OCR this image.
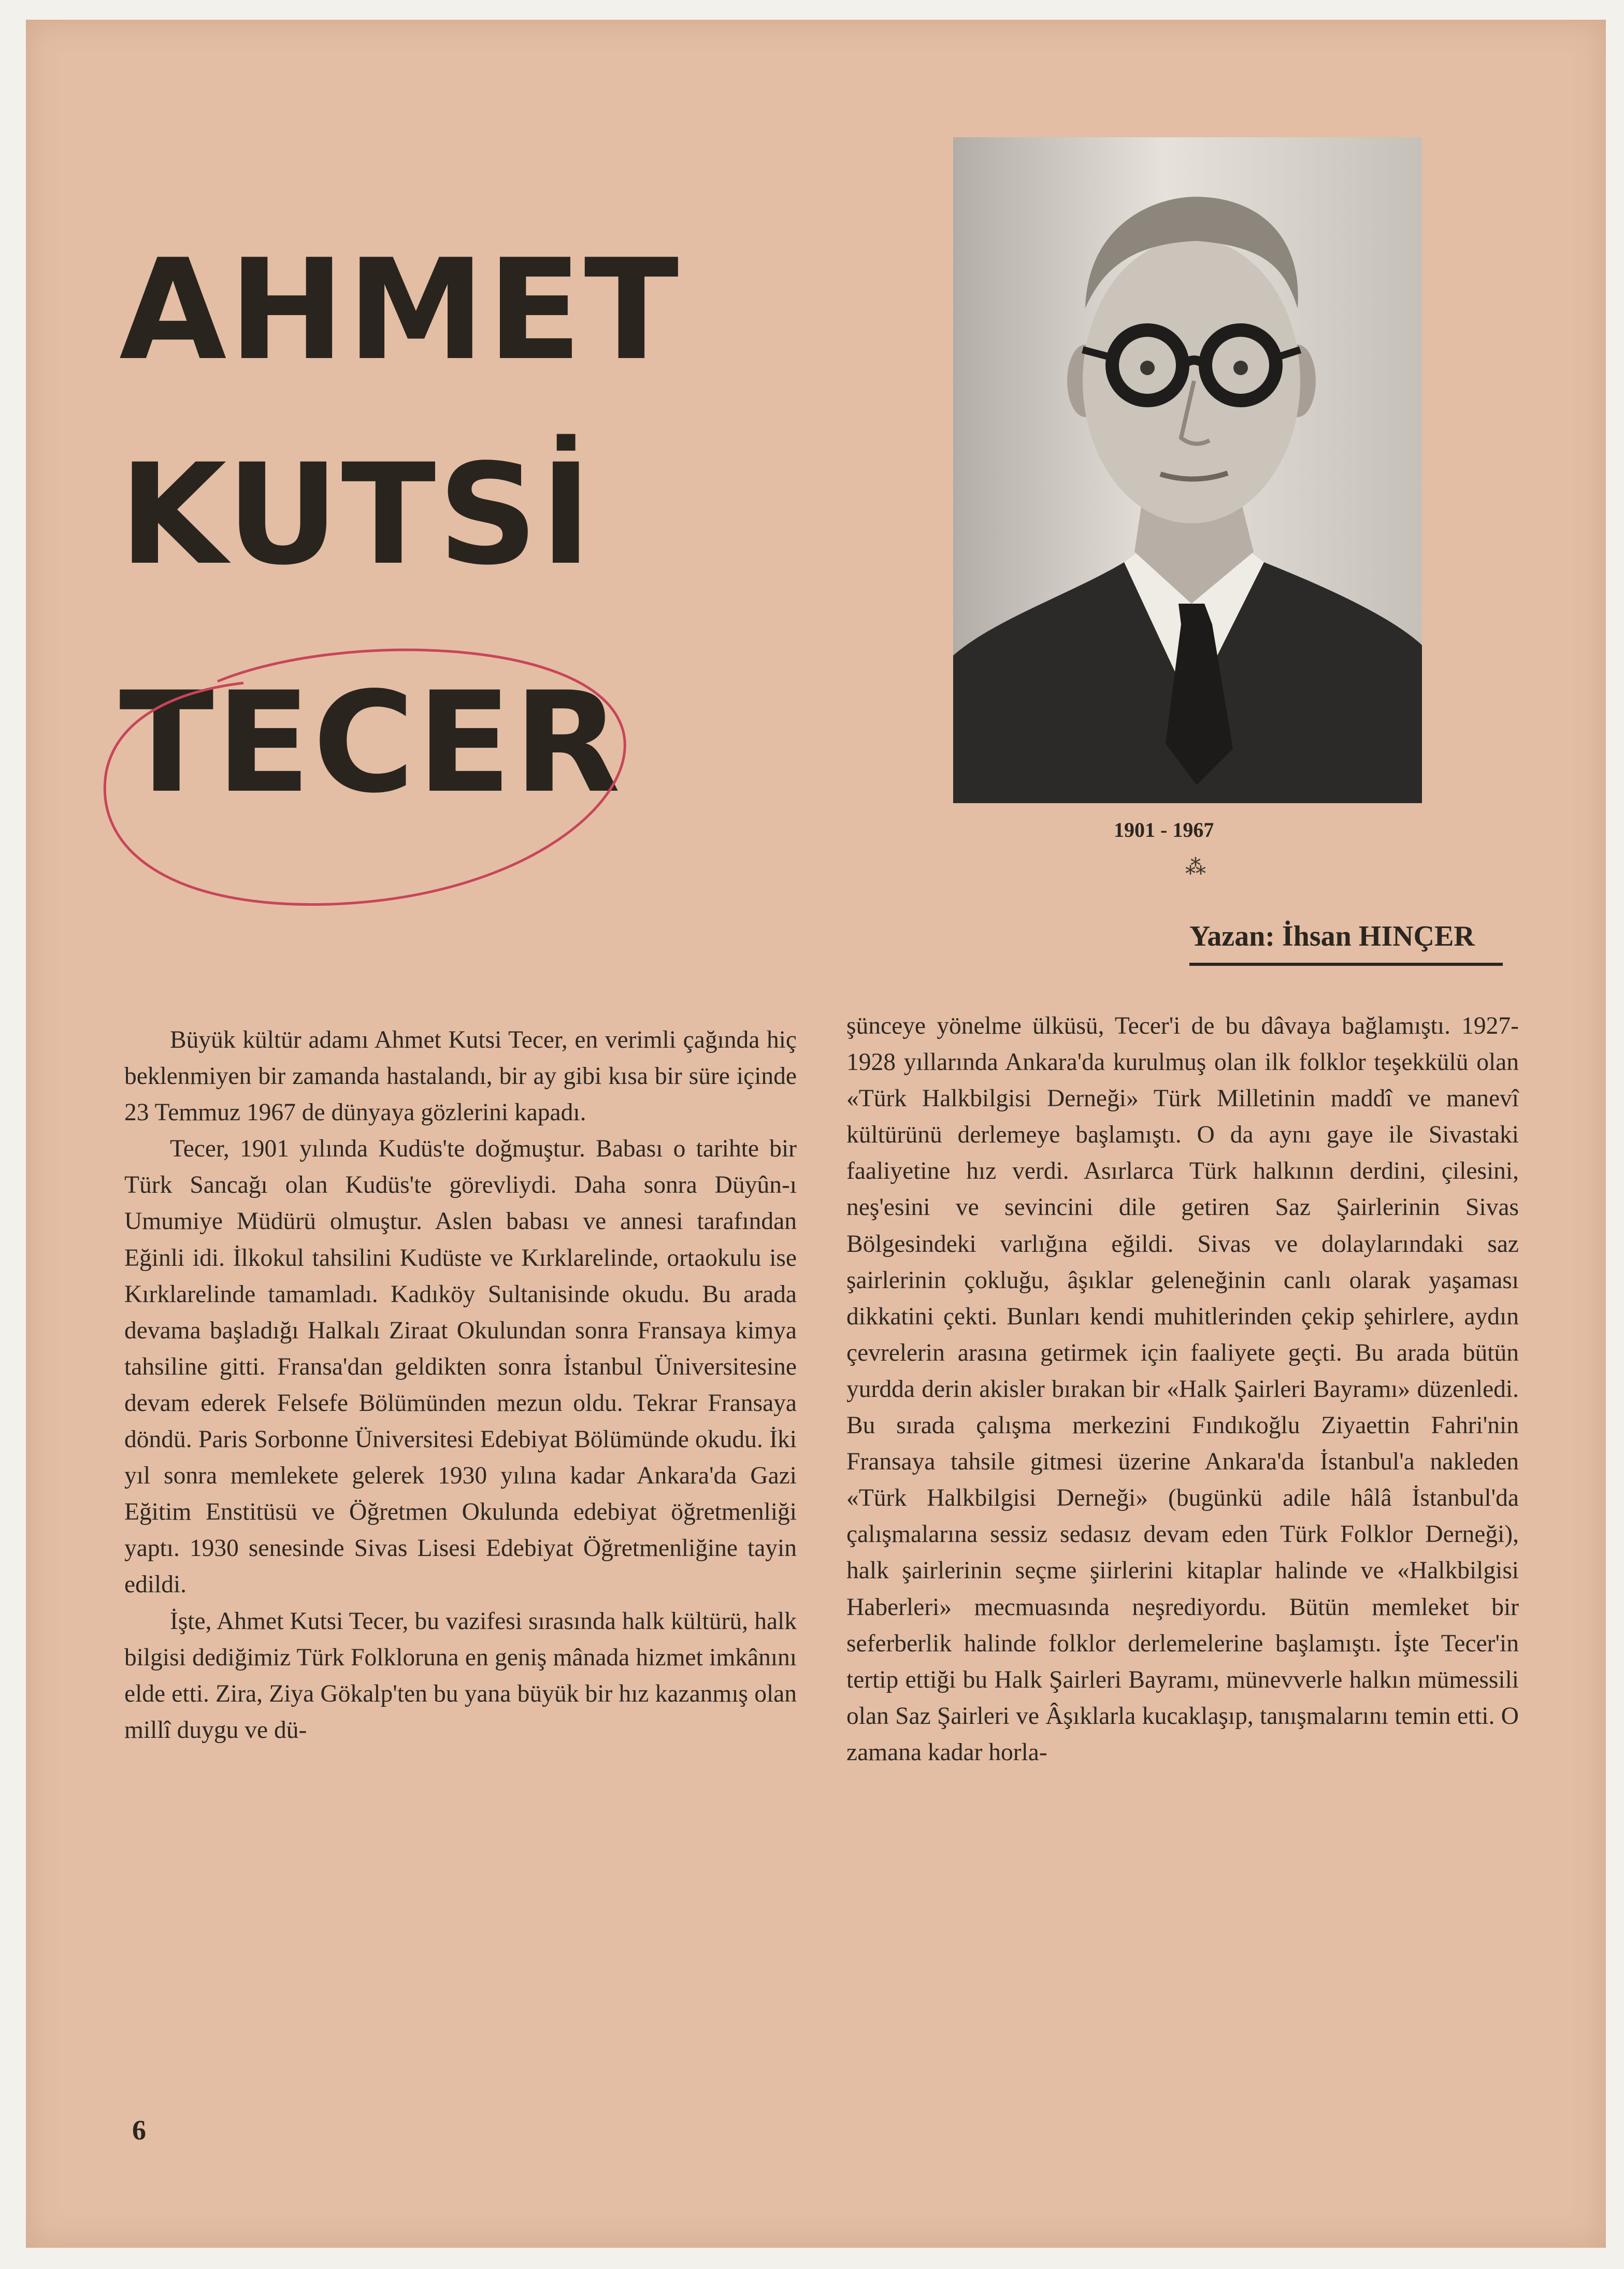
AHMET
KUTSİ
TECER
1901 - 1967
⁂
Yazan: İhsan HINÇER

Büyük kültür adamı Ahmet Kutsi Tecer, en verimli çağında hiç beklenmiyen bir zamanda hastalandı, bir ay gibi kısa bir süre içinde 23 Temmuz 1967 de dünyaya gözlerini kapadı.

Tecer, 1901 yılında Kudüs'te doğmuştur. Babası o tarihte bir Türk Sancağı olan Kudüs'te görevliydi. Daha sonra Düyûn-ı Umumiye Müdürü olmuştur. Aslen babası ve annesi tarafından Eğinli idi. İlkokul tahsilini Kudüste ve Kırklarelinde, ortaokulu ise Kırklarelinde tamamladı. Kadıköy Sultanisinde okudu. Bu arada devama başladığı Halkalı Ziraat Okulundan sonra Fransaya kimya tahsiline gitti. Fransa'dan geldikten sonra İstanbul Üniversitesine devam ederek Felsefe Bölümünden mezun oldu. Tekrar Fransaya döndü. Paris Sorbonne Üniversitesi Edebiyat Bölümünde okudu. İki yıl sonra memlekete gelerek 1930 yılına kadar Ankara'da Gazi Eğitim Enstitüsü ve Öğretmen Okulunda edebiyat öğretmenliği yaptı. 1930 senesinde Sivas Lisesi Edebiyat Öğretmenliğine tayin edildi.

İşte, Ahmet Kutsi Tecer, bu vazifesi sırasında halk kültürü, halk bilgisi dediğimiz Türk Folkloruna en geniş mânada hizmet imkânını elde etti. Zira, Ziya Gökalp'ten bu yana büyük bir hız kazanmış olan millî duygu ve dü-

şünceye yönelme ülküsü, Tecer'i de bu dâvaya bağlamıştı. 1927-1928 yıllarında Ankara'da kurulmuş olan ilk folklor teşekkülü olan «Türk Halkbilgisi Derneği» Türk Milletinin maddî ve manevî kültürünü derlemeye başlamıştı. O da aynı gaye ile Sivastaki faaliyetine hız verdi. Asırlarca Türk halkının derdini, çilesini, neş'esini ve sevincini dile getiren Saz Şairlerinin Sivas Bölgesindeki varlığına eğildi. Sivas ve dolaylarındaki saz şairlerinin çokluğu, âşıklar geleneğinin canlı olarak yaşaması dikkatini çekti. Bunları kendi muhitlerinden çekip şehirlere, aydın çevrelerin arasına getirmek için faaliyete geçti. Bu arada bütün yurdda derin akisler bırakan bir «Halk Şairleri Bayramı» düzenledi. Bu sırada çalışma merkezini Fındıkoğlu Ziyaettin Fahri'nin Fransaya tahsile gitmesi üzerine Ankara'da İstanbul'a nakleden «Türk Halkbilgisi Derneği» (bugünkü adile hâlâ İstanbul'da çalışmalarına sessiz sedasız devam eden Türk Folklor Derneği), halk şairlerinin seçme şiirlerini kitaplar halinde ve «Halkbilgisi Haberleri» mecmuasında neşrediyordu. Bütün memleket bir seferberlik halinde folklor derlemelerine başlamıştı. İşte Tecer'in tertip ettiği bu Halk Şairleri Bayramı, münevverle halkın mümessili olan Saz Şairleri ve Âşıklarla kucaklaşıp, tanışmalarını temin etti. O zamana kadar horla-

6
